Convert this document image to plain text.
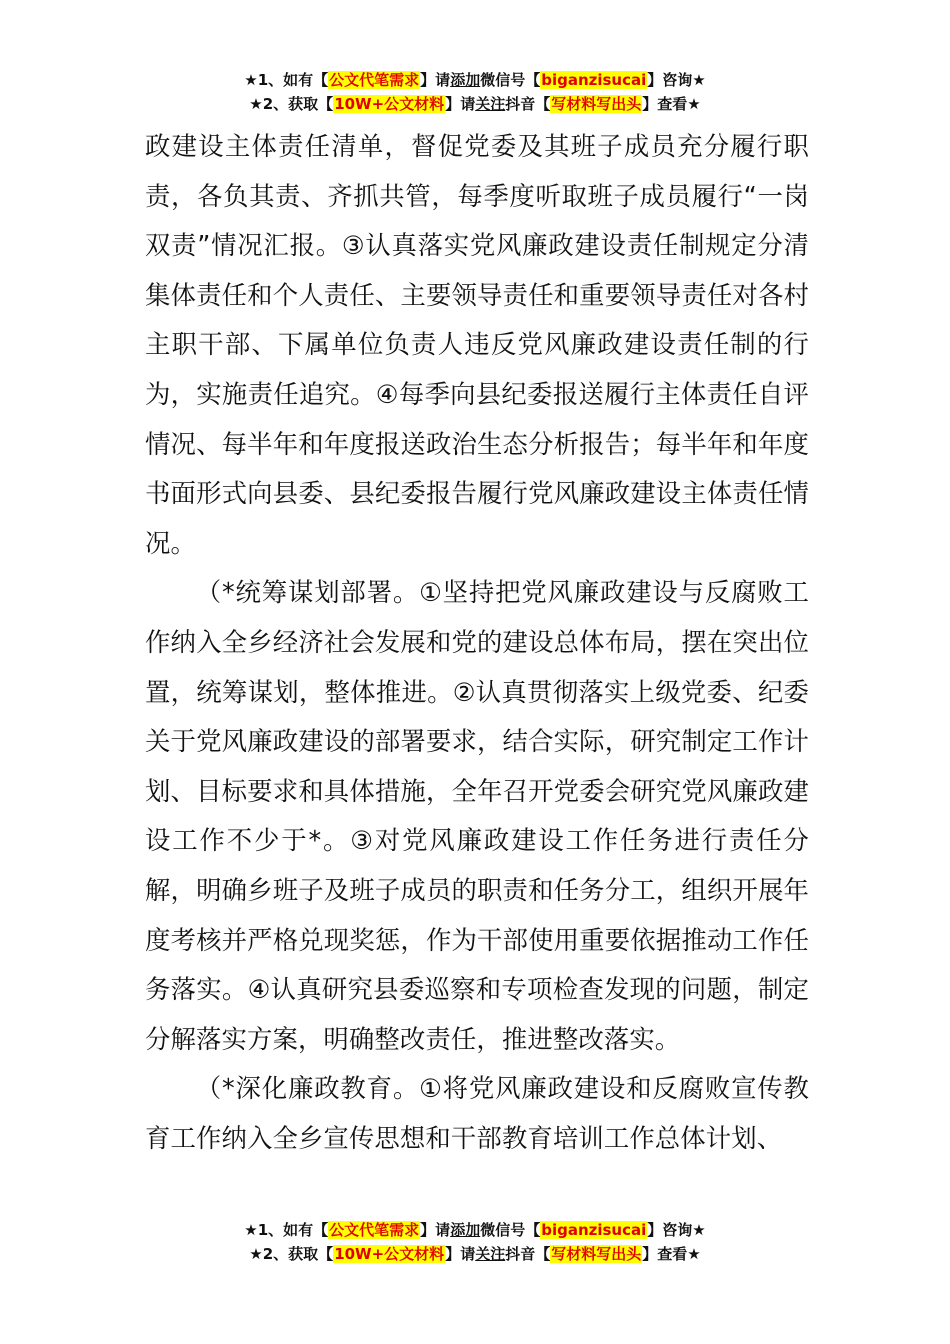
★1、如有【公文代笔需求】请添加微信号【biganzisucai】咨询★
★2、获取【10W+公文材料】请关注抖音【写材料写出头】查看★

政建设主体责任清单，督促党委及其班子成员充分履行职责，各负其责、齐抓共管，每季度听取班子成员履行“一岗双责”情况汇报。③认真落实党风廉政建设责任制规定分清集体责任和个人责任、主要领导责任和重要领导责任对各村主职干部、下属单位负责人违反党风廉政建设责任制的行为，实施责任追究。④每季向县纪委报送履行主体责任自评情况、每半年和年度报送政治生态分析报告；每半年和年度书面形式向县委、县纪委报告履行党风廉政建设主体责任情况。

（*统筹谋划部署。①坚持把党风廉政建设与反腐败工作纳入全乡经济社会发展和党的建设总体布局，摆在突出位置，统筹谋划，整体推进。②认真贯彻落实上级党委、纪委关于党风廉政建设的部署要求，结合实际，研究制定工作计划、目标要求和具体措施，全年召开党委会研究党风廉政建设工作不少于*。③对党风廉政建设工作任务进行责任分解，明确乡班子及班子成员的职责和任务分工，组织开展年度考核并严格兑现奖惩，作为干部使用重要依据推动工作任务落实。④认真研究县委巡察和专项检查发现的问题，制定分解落实方案，明确整改责任，推进整改落实。

（*深化廉政教育。①将党风廉政建设和反腐败宣传教育工作纳入全乡宣传思想和干部教育培训工作总体计划、

★1、如有【公文代笔需求】请添加微信号【biganzisucai】咨询★
★2、获取【10W+公文材料】请关注抖音【写材料写出头】查看★
